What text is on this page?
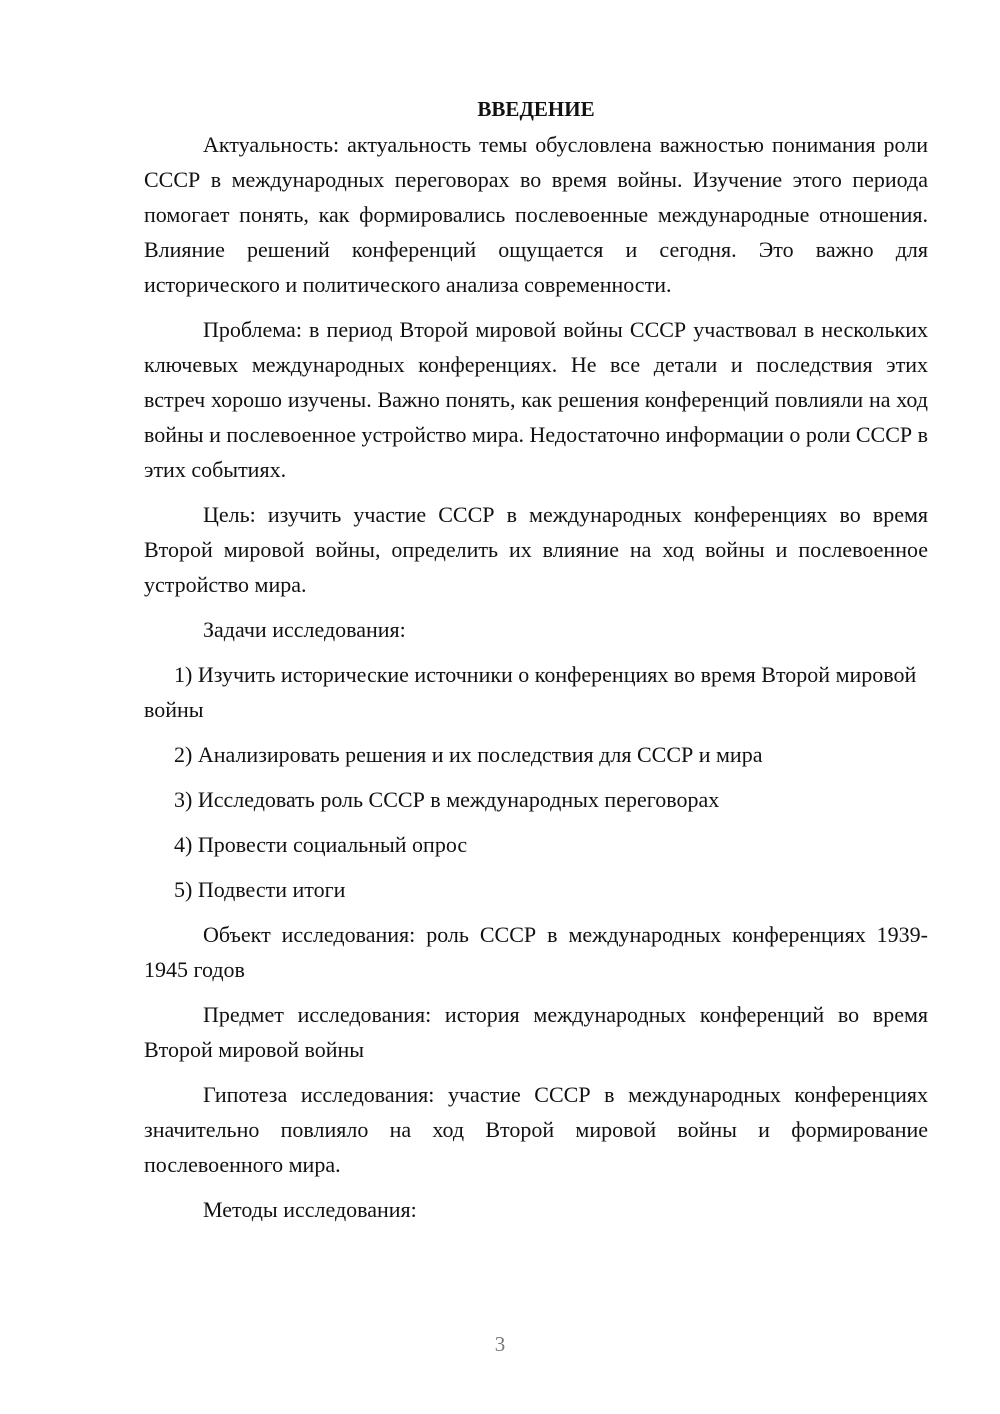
ВВЕДЕНИЕ

Актуальность: актуальность темы обусловлена важностью понимания роли СССР в международных переговорах во время войны. Изучение этого периода помогает понять, как формировались послевоенные международные отношения. Влияние решений конференций ощущается и сегодня. Это важно для исторического и политического анализа современности.

Проблема: в период Второй мировой войны СССР участвовал в нескольких ключевых международных конференциях. Не все детали и последствия этих встреч хорошо изучены. Важно понять, как решения конференций повлияли на ход войны и послевоенное устройство мира. Недостаточно информации о роли СССР в этих событиях.

Цель: изучить участие СССР в международных конференциях во время Второй мировой войны, определить их влияние на ход войны и послевоенное устройство мира.

Задачи исследования:

1) Изучить исторические источники о конференциях во время Второй мировой войны

2) Анализировать решения и их последствия для СССР и мира

3) Исследовать роль СССР в международных переговорах

4) Провести социальный опрос

5) Подвести итоги

Объект исследования: роль СССР в международных конференциях 1939-1945 годов

Предмет исследования: история международных конференций во время Второй мировой войны

Гипотеза исследования: участие СССР в международных конференциях значительно повлияло на ход Второй мировой войны и формирование послевоенного мира.

Методы исследования:

3
